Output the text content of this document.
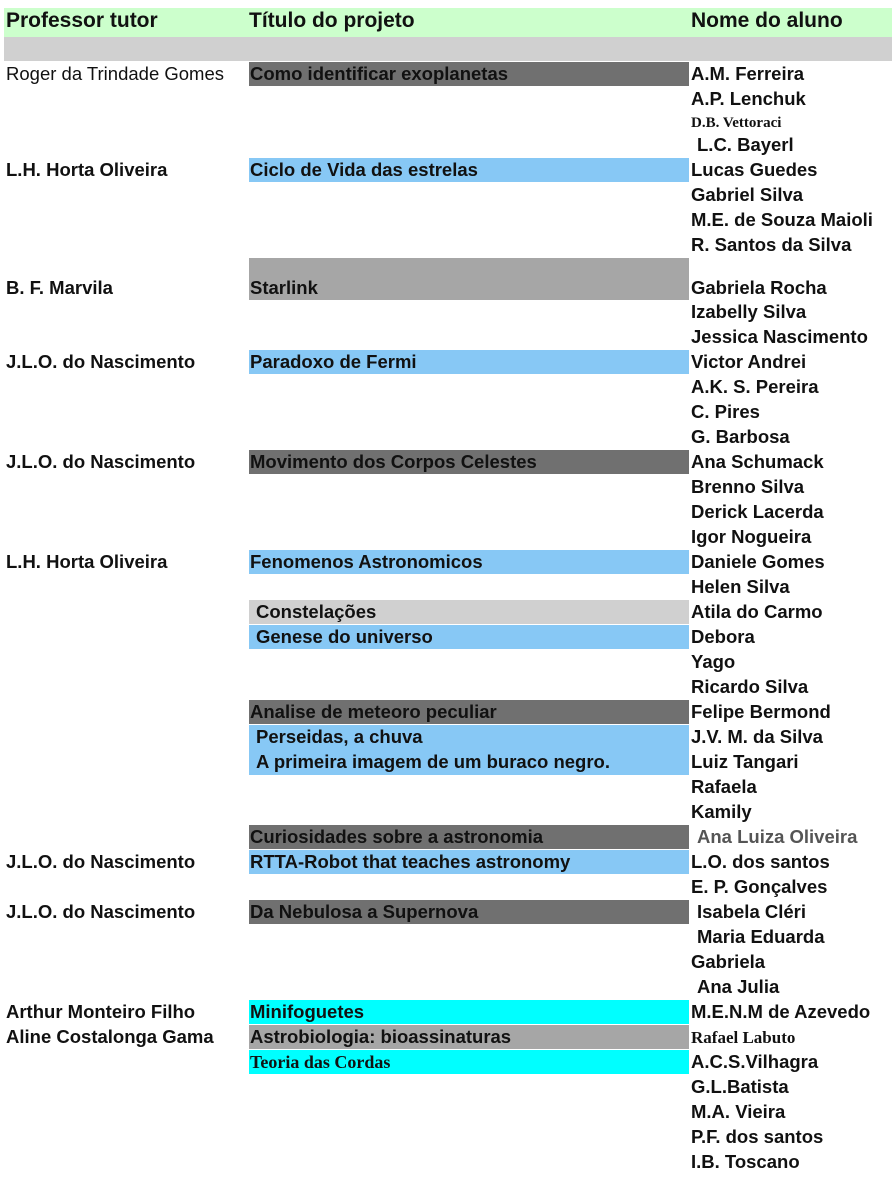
Professor tutor	Título do projeto	Nome do aluno
Roger da Trindade Gomes
L.H. Horta Oliveira
B. F. Marvila
J.L.O. do Nascimento
J.L.O. do Nascimento
L.H. Horta Oliveira
J.L.O. do Nascimento
J.L.O. do Nascimento
Arthur Monteiro Filho
Aline Costalonga Gama
Como identificar exoplanetas
Ciclo de Vida das estrelas
Starlink
Paradoxo de Fermi
Movimento dos Corpos Celestes
Fenomenos Astronomicos
Constelações
Genese do universo
Analise de meteoro peculiar
Perseidas, a chuva
A primeira imagem de um buraco negro.
Curiosidades sobre a astronomia
RTTA-Robot that teaches astronomy
Da Nebulosa a Supernova
Minifoguetes
Astrobiologia: bioassinaturas
Teoria das Cordas
A.M. Ferreira
A.P. Lenchuk
D.B. Vettoraci
L.C. Bayerl
Lucas Guedes
Gabriel Silva
M.E. de Souza Maioli
R. Santos da Silva
Gabriela Rocha
Izabelly Silva
Jessica Nascimento
Victor Andrei
A.K. S. Pereira
C. Pires
G. Barbosa
Ana Schumack
Brenno Silva
Derick Lacerda
Igor Nogueira
Daniele Gomes
Helen Silva
Atila do Carmo
Debora
Yago
Ricardo Silva
Felipe Bermond
J.V. M. da Silva
Luiz Tangari
Rafaela
Kamily
Ana Luiza Oliveira
L.O. dos santos
E. P. Gonçalves
Isabela Cléri
Maria Eduarda
Gabriela
Ana Julia
M.E.N.M de Azevedo
Rafael Labuto
A.C.S.Vilhagra
G.L.Batista
M.A. Vieira
P.F. dos santos
I.B. Toscano
